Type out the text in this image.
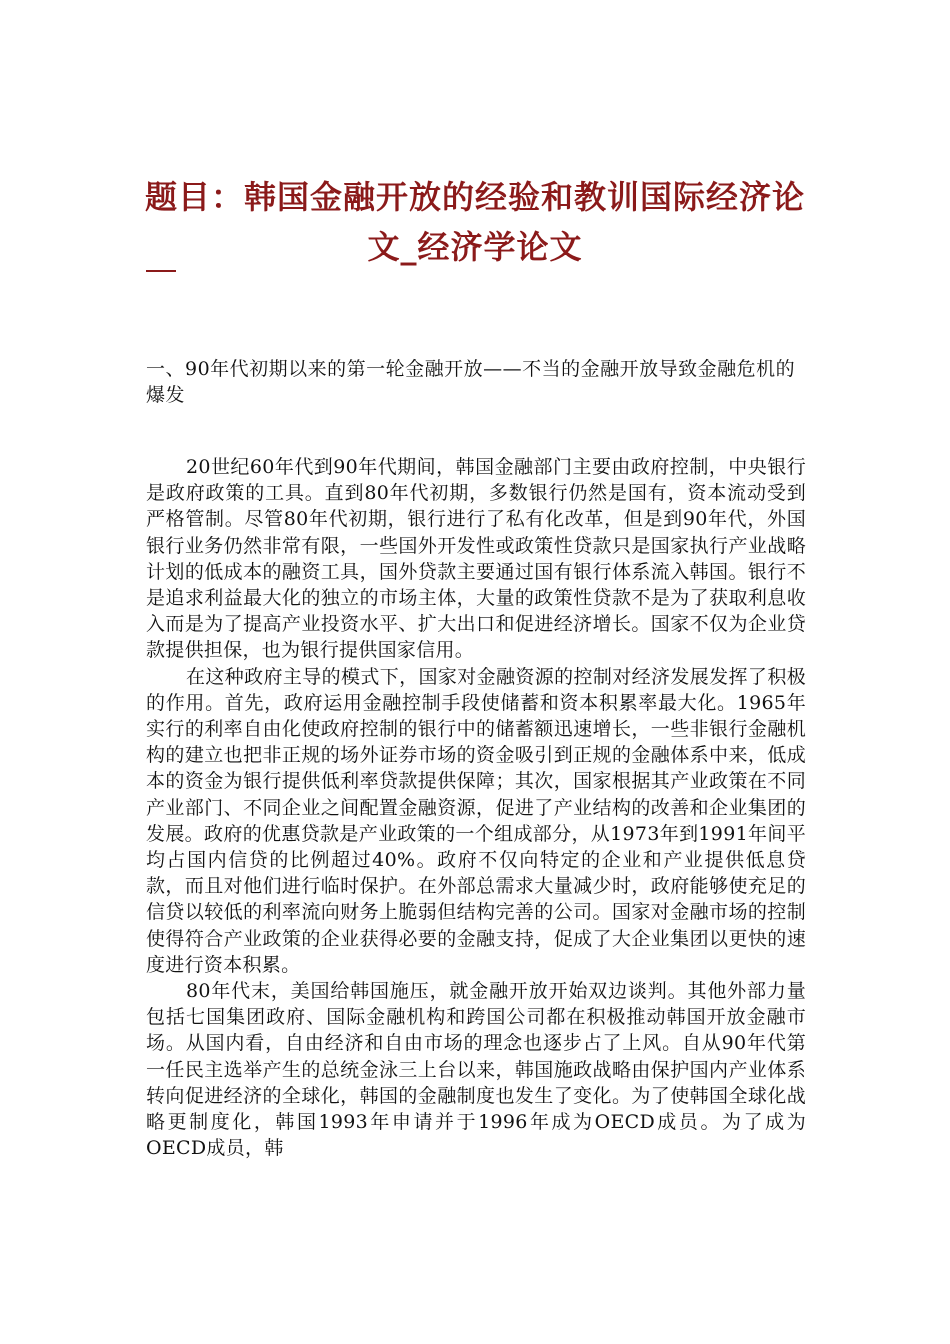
题目：韩国金融开放的经验和教训国际经济论文_经济学论文
一、90年代初期以来的第一轮金融开放——不当的金融开放导致金融危机的爆发

20世纪60年代到90年代期间，韩国金融部门主要由政府控制，中央银行是政府政策的工具。直到80年代初期，多数银行仍然是国有，资本流动受到严格管制。尽管80年代初期，银行进行了私有化改革，但是到90年代，外国银行业务仍然非常有限，一些国外开发性或政策性贷款只是国家执行产业战略计划的低成本的融资工具，国外贷款主要通过国有银行体系流入韩国。银行不是追求利益最大化的独立的市场主体，大量的政策性贷款不是为了获取利息收入而是为了提高产业投资水平、扩大出口和促进经济增长。国家不仅为企业贷款提供担保，也为银行提供国家信用。

在这种政府主导的模式下，国家对金融资源的控制对经济发展发挥了积极的作用。首先，政府运用金融控制手段使储蓄和资本积累率最大化。1965年实行的利率自由化使政府控制的银行中的储蓄额迅速增长，一些非银行金融机构的建立也把非正规的场外证券市场的资金吸引到正规的金融体系中来，低成本的资金为银行提供低利率贷款提供保障；其次，国家根据其产业政策在不同产业部门、不同企业之间配置金融资源，促进了产业结构的改善和企业集团的发展。政府的优惠贷款是产业政策的一个组成部分，从1973年到1991年间平均占国内信贷的比例超过40%。政府不仅向特定的企业和产业提供低息贷款，而且对他们进行临时保护。在外部总需求大量减少时，政府能够使充足的信贷以较低的利率流向财务上脆弱但结构完善的公司。国家对金融市场的控制使得符合产业政策的企业获得必要的金融支持，促成了大企业集团以更快的速度进行资本积累。

80年代末，美国给韩国施压，就金融开放开始双边谈判。其他外部力量包括七国集团政府、国际金融机构和跨国公司都在积极推动韩国开放金融市场。从国内看，自由经济和自由市场的理念也逐步占了上风。自从90年代第一任民主选举产生的总统金泳三上台以来，韩国施政战略由保护国内产业体系转向促进经济的全球化，韩国的金融制度也发生了变化。为了使韩国全球化战略更制度化，韩国1993年申请并于1996年成为OECD成员。为了成为OECD成员，韩
